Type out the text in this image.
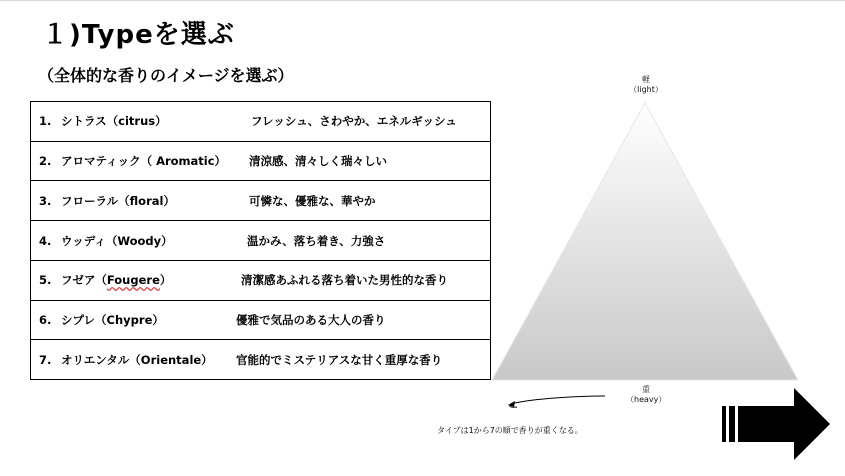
１)Typeを選ぶ
（全体的な香りのイメージを選ぶ）
1. シトラス（citrus）	フレッシュ、さわやか、エネルギッシュ
2. アロマティック（ Aromatic） 清涼感、清々しく瑞々しい
3. フローラル（floral）	可憐な、優雅な、華やか
4. ウッディ（Woody）	温かみ、落ち着き、力強さ
5. フゼア（Fougere）	清潔感あふれる落ち着いた男性的な香り
6. シプレ（Chypre）	優雅で気品のある大人の香り
7. オリエンタル（Orientale） 官能的でミステリアスな甘く重厚な香り
軽
（light）
重
（heavy）
タイプは1から7の順で香りが重くなる。
